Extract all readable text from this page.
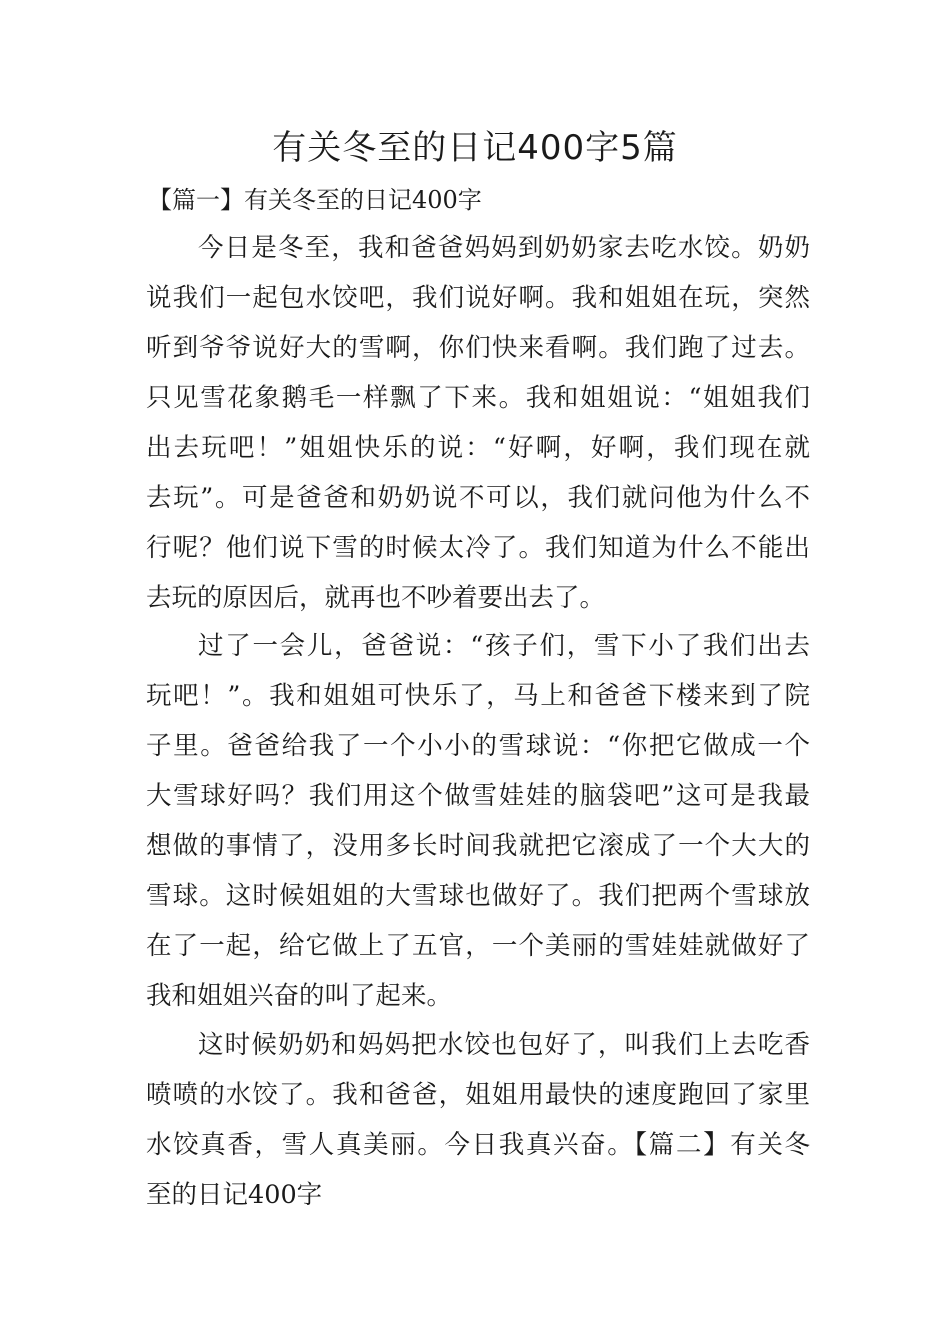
有关冬至的日记400字5篇
【篇一】有关冬至的日记400字
今日是冬至，我和爸爸妈妈到奶奶家去吃水饺。奶奶
说我们一起包水饺吧，我们说好啊。我和姐姐在玩，突然
听到爷爷说好大的雪啊，你们快来看啊。我们跑了过去。
只见雪花象鹅毛一样飘了下来。我和姐姐说：“姐姐我们
出去玩吧！”姐姐快乐的说：“好啊，好啊，我们现在就
去玩”。可是爸爸和奶奶说不可以，我们就问他为什么不
行呢？他们说下雪的时候太冷了。我们知道为什么不能出
去玩的原因后，就再也不吵着要出去了。
过了一会儿，爸爸说：“孩子们，雪下小了我们出去
玩吧！”。我和姐姐可快乐了，马上和爸爸下楼来到了院
子里。爸爸给我了一个小小的雪球说：“你把它做成一个
大雪球好吗？我们用这个做雪娃娃的脑袋吧”这可是我最
想做的事情了，没用多长时间我就把它滚成了一个大大的
雪球。这时候姐姐的大雪球也做好了。我们把两个雪球放
在了一起，给它做上了五官，一个美丽的雪娃娃就做好了
我和姐姐兴奋的叫了起来。
这时候奶奶和妈妈把水饺也包好了，叫我们上去吃香
喷喷的水饺了。我和爸爸，姐姐用最快的速度跑回了家里
水饺真香，雪人真美丽。今日我真兴奋。【篇二】有关冬
至的日记400字
